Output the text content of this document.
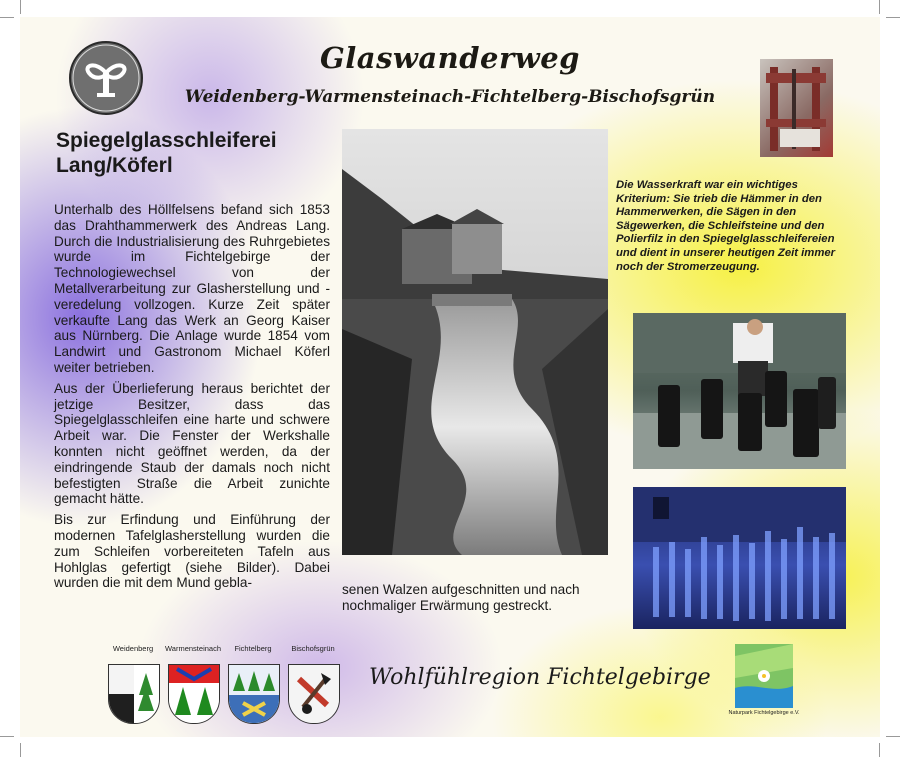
Glaswanderweg
Weidenberg-Warmensteinach-Fichtelberg-Bischofsgrün
Spiegelglasschleiferei
Lang/Köferl

Unterhalb des Höllfelsens befand sich 1853 das Drahthammerwerk des Andreas Lang. Durch die Industrialisierung des Ruhrgebietes wurde im Fichtelgebirge der Technologiewechsel von der Metallverarbeitung zur Glasherstellung und -veredelung vollzogen. Kurze Zeit später verkaufte Lang das Werk an Georg Kaiser aus Nürnberg. Die Anlage wurde 1854 vom Landwirt und Gastronom Michael Köferl weiter betrieben.

Aus der Überlieferung heraus berichtet der jetzige Besitzer, dass das Spiegelglasschleifen eine harte und schwere Arbeit war. Die Fenster der Werkshalle konnten nicht geöffnet werden, da der eindringende Staub der damals noch nicht befestigten Straße die Arbeit zunichte gemacht hätte.

Bis zur Erfindung und Einführung der modernen Tafelglasherstellung wurden die zum Schleifen vorbereiteten Tafeln aus Hohlglas gefertigt (siehe Bilder). Dabei wurden die mit dem Mund gebla-	senen Walzen aufgeschnitten und nach
nochmaliger Erwärmung gestreckt.
Die Wasserkraft war ein wichtiges Kriterium: Sie trieb die Hämmer in den Hammerwerken, die Sägen in den Sägewerken, die Schleifsteine und den Polierfilz in den Spiegelglasschleifereien und dient in unserer heutigen Zeit immer noch der Stromerzeugung.
Weidenberg	Warmensteinach	Fichtelberg	Bischofsgrün
Wohlfühlregion Fichtelgebirge
Naturpark Fichtelgebirge e.V.
